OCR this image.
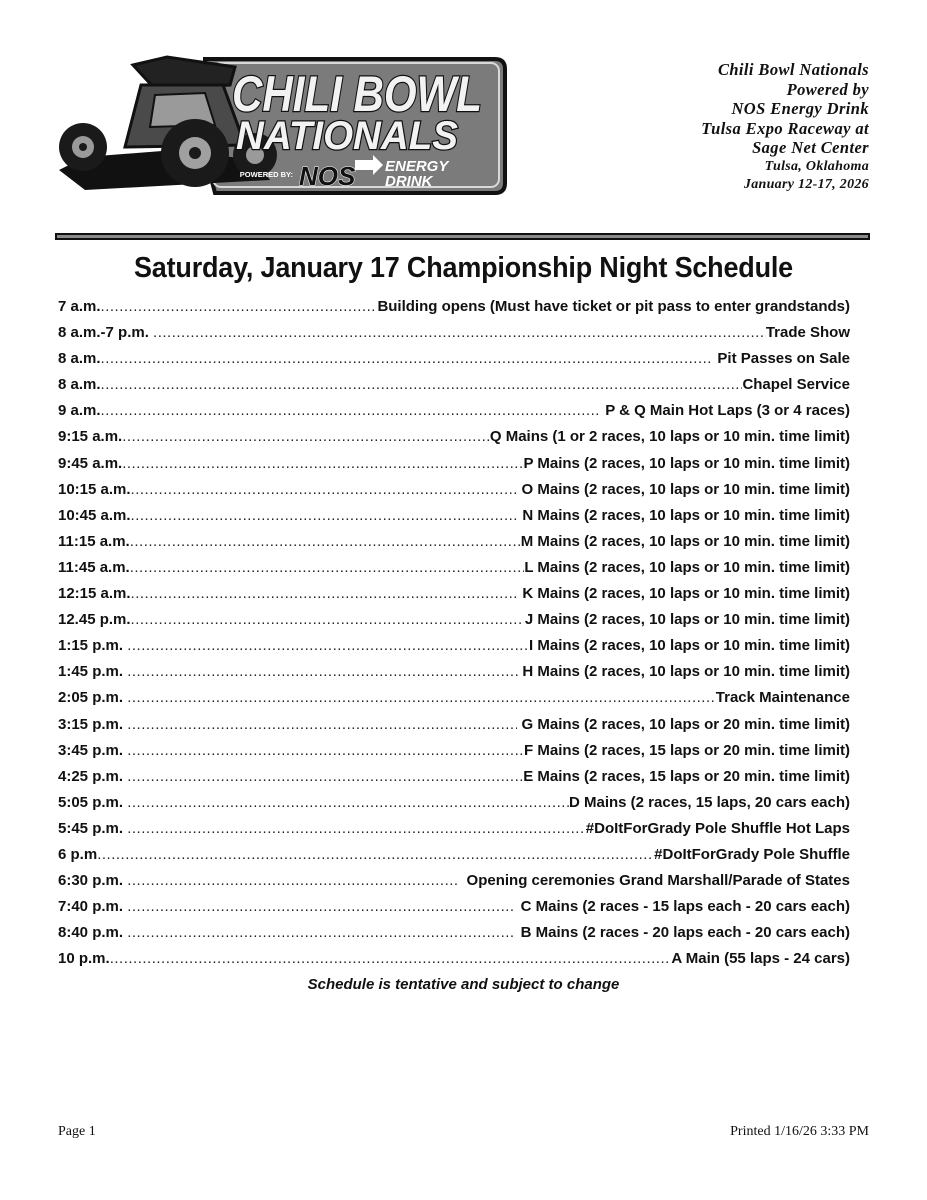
CHILI BOWL
NATIONALS
POWERED BY: NOS ENERGY
DRINK
Chili Bowl Nationals
Powered by
NOS Energy Drink
Tulsa Expo Raceway at
Sage Net Center
Tulsa, Oklahoma
January 12-17, 2026
Saturday, January 17 Championship Night Schedule
7 a.m. .....	Building opens (Must have ticket or pit pass to enter grandstands)
8 a.m.-7 p.m. .....	Trade Show
8 a.m. .....	Pit Passes on Sale
8 a.m. .....	Chapel Service
9 a.m. .....	P & Q Main Hot Laps (3 or 4 races)
9:15 a.m. .....	Q Mains (1 or 2 races, 10 laps or 10 min. time limit)
9:45 a.m. .....	P Mains (2 races, 10 laps or 10 min. time limit)
10:15 a.m. .....	O Mains (2 races, 10 laps or 10 min. time limit)
10:45 a.m. .....	N Mains (2 races, 10 laps or 10 min. time limit)
11:15 a.m. .....	M Mains (2 races, 10 laps or 10 min. time limit)
11:45 a.m. .....	L Mains (2 races, 10 laps or 10 min. time limit)
12:15 a.m. .....	K Mains (2 races, 10 laps or 10 min. time limit)
12.45 p.m. .....	J Mains (2 races, 10 laps or 10 min. time limit)
1:15 p.m. .....	I Mains (2 races, 10 laps or 10 min. time limit)
1:45 p.m. .....	H Mains (2 races, 10 laps or 10 min. time limit)
2:05 p.m. .....	Track Maintenance
3:15 p.m. .....	G Mains (2 races, 10 laps or 20 min. time limit)
3:45 p.m. .....	F Mains (2 races, 15 laps or 20 min. time limit)
4:25 p.m. .....	E Mains (2 races, 15 laps or 20 min. time limit)
5:05 p.m. .....	D Mains (2 races, 15 laps, 20 cars each)
5:45 p.m. .....	#DoItForGrady Pole Shuffle Hot Laps
6 p.m .....	#DoItForGrady Pole Shuffle
6:30 p.m. .....	Opening ceremonies Grand Marshall/Parade of States
7:40 p.m. .....	C Mains (2 races - 15 laps each - 20 cars each)
8:40 p.m. .....	B Mains (2 races - 20 laps each - 20 cars each)
10 p.m. .....	A Main (55 laps - 24 cars)
Schedule is tentative and subject to change
Page 1	Printed 1/16/26 3:33 PM
